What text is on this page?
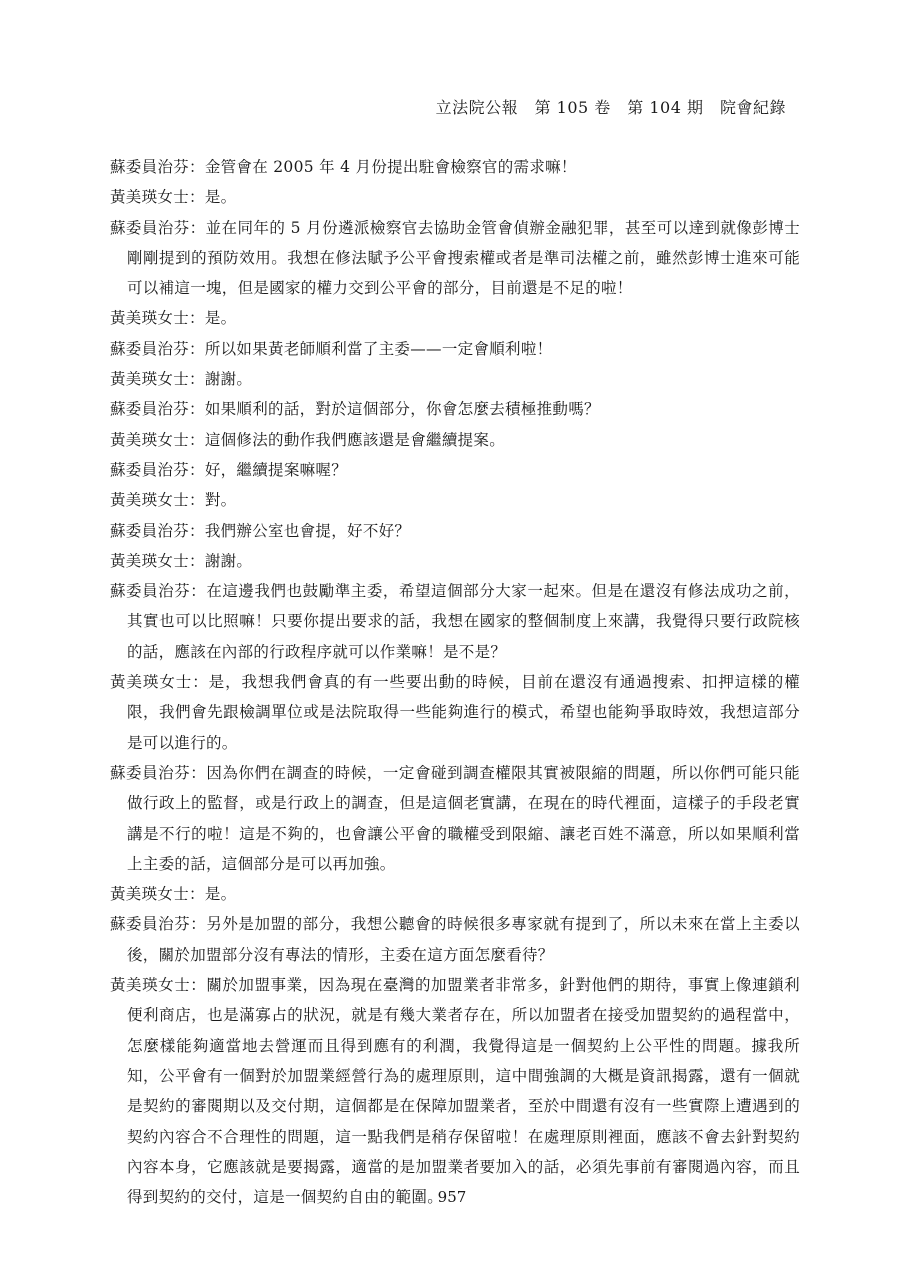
立法院公報　第 105 卷　第 104 期　院會紀錄

蘇委員治芬：金管會在 2005 年 4 月份提出駐會檢察官的需求嘛！

黃美瑛女士：是。

蘇委員治芬：並在同年的 5 月份遴派檢察官去協助金管會偵辦金融犯罪，甚至可以達到就像彭博士剛剛提到的預防效用。我想在修法賦予公平會搜索權或者是準司法權之前，雖然彭博士進來可能可以補這一塊，但是國家的權力交到公平會的部分，目前還是不足的啦！

黃美瑛女士：是。

蘇委員治芬：所以如果黃老師順利當了主委——一定會順利啦！

黃美瑛女士：謝謝。

蘇委員治芬：如果順利的話，對於這個部分，你會怎麼去積極推動嗎？

黃美瑛女士：這個修法的動作我們應該還是會繼續提案。

蘇委員治芬：好，繼續提案嘛喔？

黃美瑛女士：對。

蘇委員治芬：我們辦公室也會提，好不好？

黃美瑛女士：謝謝。

蘇委員治芬：在這邊我們也鼓勵準主委，希望這個部分大家一起來。但是在還沒有修法成功之前，其實也可以比照嘛！只要你提出要求的話，我想在國家的整個制度上來講，我覺得只要行政院核的話，應該在內部的行政程序就可以作業嘛！是不是？

黃美瑛女士：是，我想我們會真的有一些要出動的時候，目前在還沒有通過搜索、扣押這樣的權限，我們會先跟檢調單位或是法院取得一些能夠進行的模式，希望也能夠爭取時效，我想這部分是可以進行的。

蘇委員治芬：因為你們在調查的時候，一定會碰到調查權限其實被限縮的問題，所以你們可能只能做行政上的監督，或是行政上的調查，但是這個老實講，在現在的時代裡面，這樣子的手段老實講是不行的啦！這是不夠的，也會讓公平會的職權受到限縮、讓老百姓不滿意，所以如果順利當上主委的話，這個部分是可以再加強。

黃美瑛女士：是。

蘇委員治芬：另外是加盟的部分，我想公聽會的時候很多專家就有提到了，所以未來在當上主委以後，關於加盟部分沒有專法的情形，主委在這方面怎麼看待？

黃美瑛女士：關於加盟事業，因為現在臺灣的加盟業者非常多，針對他們的期待，事實上像連鎖利便利商店，也是滿寡占的狀況，就是有幾大業者存在，所以加盟者在接受加盟契約的過程當中，怎麼樣能夠適當地去營運而且得到應有的利潤，我覺得這是一個契約上公平性的問題。據我所知，公平會有一個對於加盟業經營行為的處理原則，這中間強調的大概是資訊揭露，還有一個就是契約的審閱期以及交付期，這個都是在保障加盟業者，至於中間還有沒有一些實際上遭遇到的契約內容合不合理性的問題，這一點我們是稍存保留啦！在處理原則裡面，應該不會去針對契約內容本身，它應該就是要揭露，適當的是加盟業者要加入的話，必須先事前有審閱過內容，而且得到契約的交付，這是一個契約自由的範圍。

957
